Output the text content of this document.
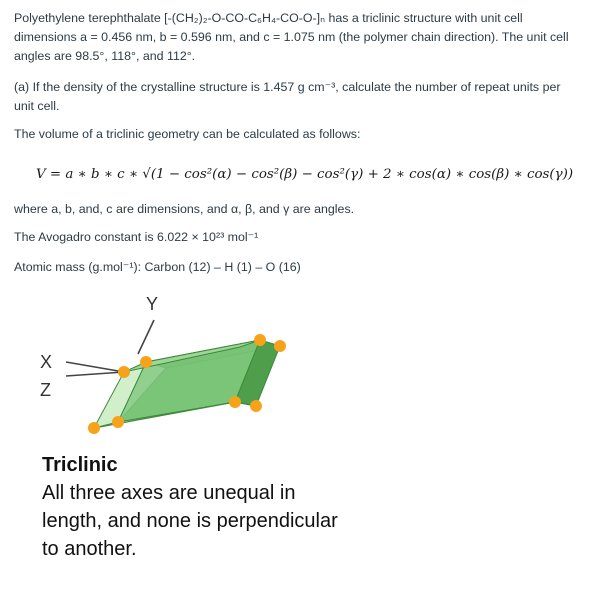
Polyethylene terephthalate [-(CH₂)₂-O-CO-C₆H₄-CO-O-]ₙ has a triclinic structure with unit cell dimensions a = 0.456 nm, b = 0.596 nm, and c = 1.075 nm (the polymer chain direction). The unit cell angles are 98.5°, 118°, and 112°.

(a) If the density of the crystalline structure is 1.457 g cm⁻³, calculate the number of repeat units per unit cell.

The volume of a triclinic geometry can be calculated as follows:

V = a ∗ b ∗ c ∗ √(1 − cos²(α) − cos²(β) − cos²(γ) + 2 ∗ cos(α) ∗ cos(β) ∗ cos(γ))

where a, b, and, c are dimensions, and α, β, and γ are angles.

The Avogadro constant is 6.022 × 10²³ mol⁻¹

Atomic mass (g.mol⁻¹): Carbon (12) – H (1) – O (16)

Y
X
Z

Triclinic

All three axes are unequal in length, and none is perpendicular to another.
